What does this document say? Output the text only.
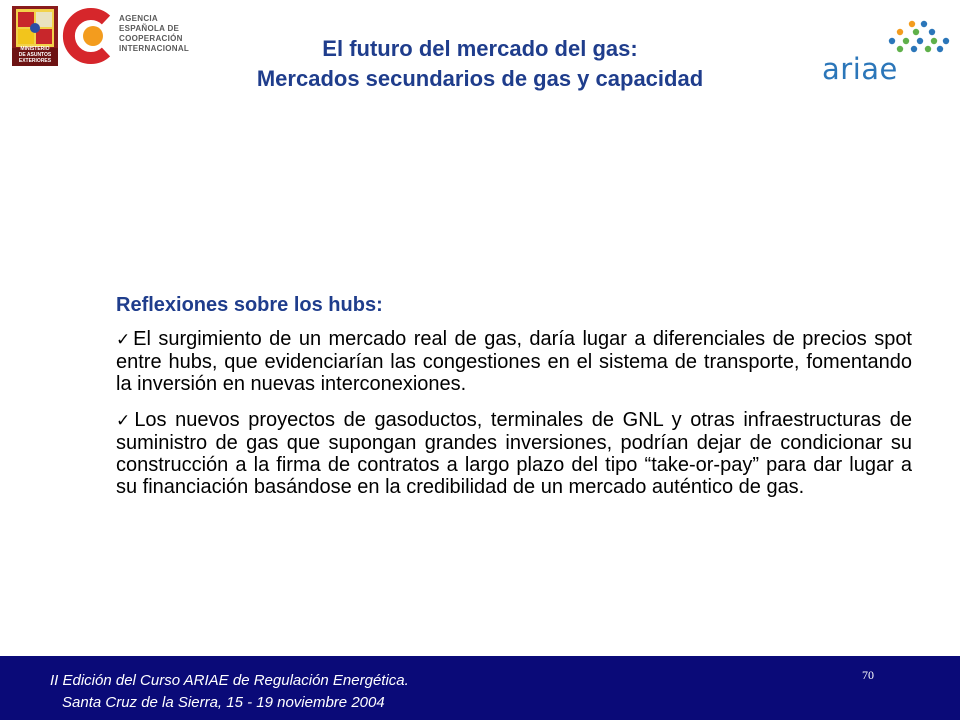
MINISTERIO
DE ASUNTOS
EXTERIORES
AGENCIA
ESPAÑOLA DE
COOPERACIÓN
INTERNACIONAL	El futuro del mercado del gas:
Mercados secundarios de gas y capacidad	ariae
Reflexiones sobre los hubs:
✓El surgimiento de un mercado real de gas, daría lugar a diferenciales de precios spot entre hubs, que evidenciarían las congestiones en el sistema de transporte, fomentando la inversión en nuevas interconexiones.
✓Los nuevos proyectos de gasoductos, terminales de GNL y otras infraestructuras de suministro de gas que supongan grandes inversiones, podrían dejar de condicionar su construcción a la firma de contratos a largo plazo del tipo “take-or-pay” para dar lugar a su financiación basándose en la credibilidad de un mercado auténtico de gas.
II Edición del Curso ARIAE de Regulación Energética.
Santa Cruz de la Sierra, 15 - 19 noviembre 2004
70
